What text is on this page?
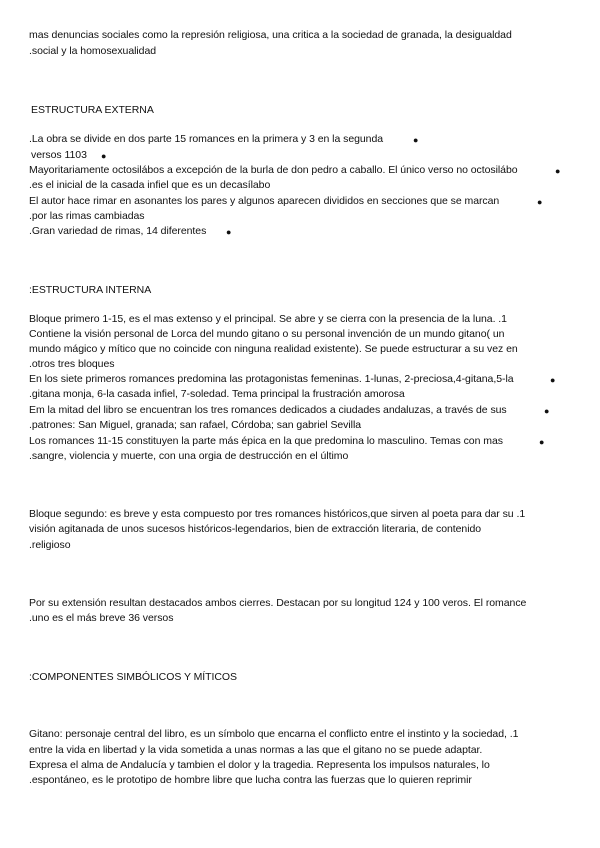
mas denuncias sociales como la represión religiosa, una critica a la sociedad de granada, la desigualdad
.social y la homosexualidad
ESTRUCTURA EXTERNA
.La obra se divide en dos parte 15 romances en la primera y 3 en la segunda	●
versos 1103 ●
Mayoritariamente octosilábos a excepción de la burla de don pedro a caballo. El único verso no octosilábo	●
.es el inicial de la casada infiel que es un decasílabo
El autor hace rimar en asonantes los pares y algunos aparecen divididos en secciones que se marcan	●
.por las rimas cambiadas
.Gran variedad de rimas, 14 diferentes ●
:ESTRUCTURA INTERNA
Bloque primero 1-15, es el mas extenso y el principal. Se abre y se cierra con la presencia de la luna. .1
Contiene la visión personal de Lorca del mundo gitano o su personal invención de un mundo gitano( un
mundo mágico y mítico que no coincide con ninguna realidad existente). Se puede estructurar a su vez en
.otros tres bloques
En los siete primeros romances predomina las protagonistas femeninas. 1-lunas, 2-preciosa,4-gitana,5-la	●
.gitana monja, 6-la casada infiel, 7-soledad. Tema principal la frustración amorosa
Em la mitad del libro se encuentran los tres romances dedicados a ciudades andaluzas, a través de sus	●
.patrones: San Miguel, granada; san rafael, Córdoba; san gabriel Sevilla
Los romances 11-15 constituyen la parte más épica en la que predomina lo masculino. Temas con mas	●
.sangre, violencia y muerte, con una orgia de destrucción en el último
Bloque segundo: es breve y esta compuesto por tres romances históricos,que sirven al poeta para dar su .1
visión agitanada de unos sucesos históricos-legendarios, bien de extracción literaria, de contenido
.religioso
Por su extensión resultan destacados ambos cierres. Destacan por su longitud 124 y 100 veros. El romance
.uno es el más breve 36 versos
:COMPONENTES SIMBÓLICOS Y MÍTICOS
Gitano: personaje central del libro, es un símbolo que encarna el conflicto entre el instinto y la sociedad, .1
entre la vida en libertad y la vida sometida a unas normas a las que el gitano no se puede adaptar.
Expresa el alma de Andalucía y tambien el dolor y la tragedia. Representa los impulsos naturales, lo
.espontáneo, es le prototipo de hombre libre que lucha contra las fuerzas que lo quieren reprimir
